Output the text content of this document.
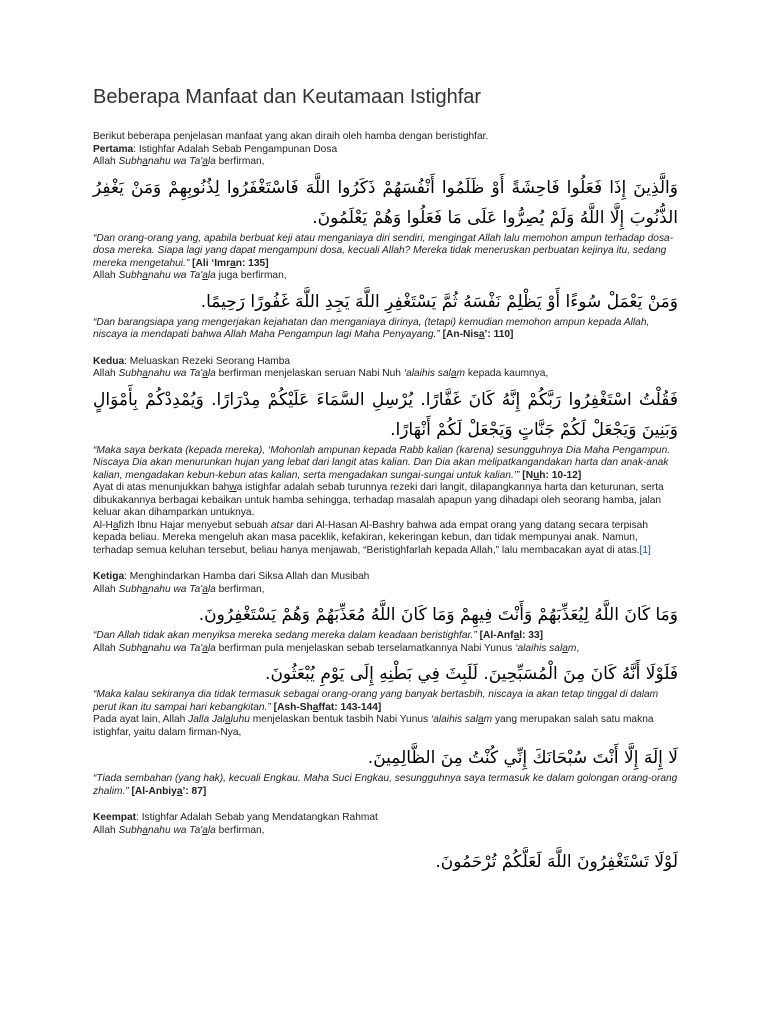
Beberapa Manfaat dan Keutamaan Istighfar

Berikut beberapa penjelasan manfaat yang akan diraih oleh hamba dengan beristighfar.

Pertama: Istighfar Adalah Sebab Pengampunan Dosa

Allah Subhanahu wa Ta'ala berfirman,

وَالَّذِينَ إِذَا فَعَلُوا فَاحِشَةً أَوْ ظَلَمُوا أَنْفُسَهُمْ ذَكَرُوا اللَّهَ فَاسْتَغْفَرُوا لِذُنُوبِهِمْ وَمَنْ يَغْفِرُ الذُّنُوبَ إِلَّا اللَّهُ وَلَمْ يُصِرُّوا عَلَى مَا فَعَلُوا وَهُمْ يَعْلَمُونَ.

“Dan orang-orang yang, apabila berbuat keji atau menganiaya diri sendiri, mengingat Allah lalu memohon ampun terhadap dosa-dosa mereka. Siapa lagi yang dapat mengampuni dosa, kecuali Allah? Mereka tidak meneruskan perbuatan kejinya itu, sedang mereka mengetahui.” [Ali ‘Imran: 135]

Allah Subhanahu wa Ta'ala juga berfirman,

وَمَنْ يَعْمَلْ سُوءًا أَوْ يَظْلِمْ نَفْسَهُ ثُمَّ يَسْتَغْفِرِ اللَّهَ يَجِدِ اللَّهَ غَفُورًا رَحِيمًا.

“Dan barangsiapa yang mengerjakan kejahatan dan menganiaya dirinya, (tetapi) kemudian memohon ampun kepada Allah, niscaya ia mendapati bahwa Allah Maha Pengampun lagi Maha Penyayang.” [An-Nisa’: 110]

Kedua: Meluaskan Rezeki Seorang Hamba

Allah Subhanahu wa Ta'ala berfirman menjelaskan seruan Nabi Nuh ‘alaihis salam kepada kaumnya,

فَقُلْتُ اسْتَغْفِرُوا رَبَّكُمْ إِنَّهُ كَانَ غَفَّارًا. يُرْسِلِ السَّمَاءَ عَلَيْكُمْ مِدْرَارًا. وَيُمْدِدْكُمْ بِأَمْوَالٍ وَبَنِينَ وَيَجْعَلْ لَكُمْ جَنَّاتٍ وَيَجْعَلْ لَكُمْ أَنْهَارًا.

“Maka saya berkata (kepada mereka), ‘Mohonlah ampunan kepada Rabb kalian (karena) sesungguhnya Dia Maha Pengampun. Niscaya Dia akan menurunkan hujan yang lebat dari langit atas kalian. Dan Dia akan melipatkangandakan harta dan anak-anak kalian, mengadakan kebun-kebun atas kalian, serta mengadakan sungai-sungai untuk kalian.’” [Nuh: 10-12]

Ayat di atas menunjukkan bahwa istighfar adalah sebab turunnya rezeki dari langit, dilapangkannya harta dan keturunan, serta dibukakannya berbagai kebaikan untuk hamba sehingga, terhadap masalah apapun yang dihadapi oleh seorang hamba, jalan keluar akan dihamparkan untuknya.

Al-Hafizh Ibnu Hajar menyebut sebuah atsar dari Al-Hasan Al-Bashry bahwa ada empat orang yang datang secara terpisah kepada beliau. Mereka mengeluh akan masa paceklik, kefakiran, kekeringan kebun, dan tidak mempunyai anak. Namun, terhadap semua keluhan tersebut, beliau hanya menjawab, “Beristighfarlah kepada Allah,” lalu membacakan ayat di atas.[1]

Ketiga: Menghindarkan Hamba dari Siksa Allah dan Musibah

Allah Subhanahu wa Ta'ala berfirman,

وَمَا كَانَ اللَّهُ لِيُعَذِّبَهُمْ وَأَنْتَ فِيهِمْ وَمَا كَانَ اللَّهُ مُعَذِّبَهُمْ وَهُمْ يَسْتَغْفِرُونَ.

“Dan Allah tidak akan menyiksa mereka sedang mereka dalam keadaan beristighfar.” [Al-Anfal: 33]

Allah Subhanahu wa Ta'ala berfirman pula menjelaskan sebab terselamatkannya Nabi Yunus ‘alaihis salam,

فَلَوْلَا أَنَّهُ كَانَ مِنَ الْمُسَبِّحِينَ. لَلَبِثَ فِي بَطْنِهِ إِلَى يَوْمِ يُبْعَثُونَ.

“Maka kalau sekiranya dia tidak termasuk sebagai orang-orang yang banyak bertasbih, niscaya ia akan tetap tinggal di dalam perut ikan itu sampai hari kebangkitan.” [Ash-Shaffat: 143-144]

Pada ayat lain, Allah Jalla Jalaluhu menjelaskan bentuk tasbih Nabi Yunus ‘alaihis salam yang merupakan salah satu makna istighfar, yaitu dalam firman-Nya,

لَا إِلَهَ إِلَّا أَنْتَ سُبْحَانَكَ إِنِّي كُنْتُ مِنَ الظَّالِمِينَ.

“Tiada sembahan (yang hak), kecuali Engkau. Maha Suci Engkau, sesungguhnya saya termasuk ke dalam golongan orang-orang zhalim.” [Al-Anbiya’: 87]

Keempat: Istighfar Adalah Sebab yang Mendatangkan Rahmat

Allah Subhanahu wa Ta'ala berfirman,

لَوْلَا تَسْتَغْفِرُونَ اللَّهَ لَعَلَّكُمْ تُرْحَمُونَ.
